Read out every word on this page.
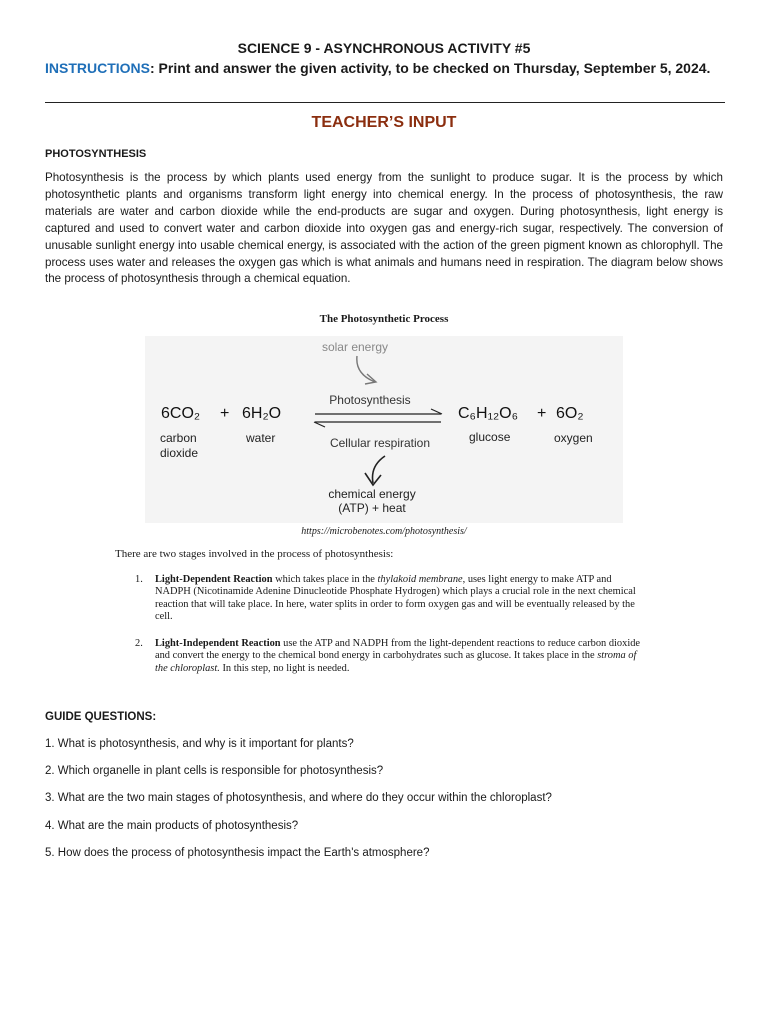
SCIENCE 9 - ASYNCHRONOUS ACTIVITY #5
INSTRUCTIONS: Print and answer the given activity, to be checked on Thursday, September 5, 2024.
TEACHER’S INPUT
PHOTOSYNTHESIS
Photosynthesis is the process by which plants used energy from the sunlight to produce sugar. It is the process by which photosynthetic plants and organisms transform light energy into chemical energy. In the process of photosynthesis, the raw materials are water and carbon dioxide while the end-products are sugar and oxygen. During photosynthesis, light energy is captured and used to convert water and carbon dioxide into oxygen gas and energy-rich sugar, respectively. The conversion of unusable sunlight energy into usable chemical energy, is associated with the action of the green pigment known as chlorophyll. The process uses water and releases the oxygen gas which is what animals and humans need in respiration. The diagram below shows the process of photosynthesis through a chemical equation.
The Photosynthetic Process
solar energy
Photosynthesis
Cellular respiration
6CO₂ + 6H₂O	C₆H₁₂O₆ + 6O₂
carbon
dioxide
water	glucose	oxygen
chemical energy
(ATP) + heat
https://microbenotes.com/photosynthesis/
There are two stages involved in the process of photosynthesis:
1. Light-Dependent Reaction which takes place in the thylakoid membrane, uses light energy to make ATP and NADPH (Nicotinamide Adenine Dinucleotide Phosphate Hydrogen) which plays a crucial role in the next chemical reaction that will take place. In here, water splits in order to form oxygen gas and will be eventually released by the cell.
2. Light-Independent Reaction use the ATP and NADPH from the light-dependent reactions to reduce carbon dioxide and convert the energy to the chemical bond energy in carbohydrates such as glucose. It takes place in the stroma of the chloroplast. In this step, no light is needed.
GUIDE QUESTIONS:
1. What is photosynthesis, and why is it important for plants?
2. Which organelle in plant cells is responsible for photosynthesis?
3. What are the two main stages of photosynthesis, and where do they occur within the chloroplast?
4. What are the main products of photosynthesis?
5. How does the process of photosynthesis impact the Earth's atmosphere?
